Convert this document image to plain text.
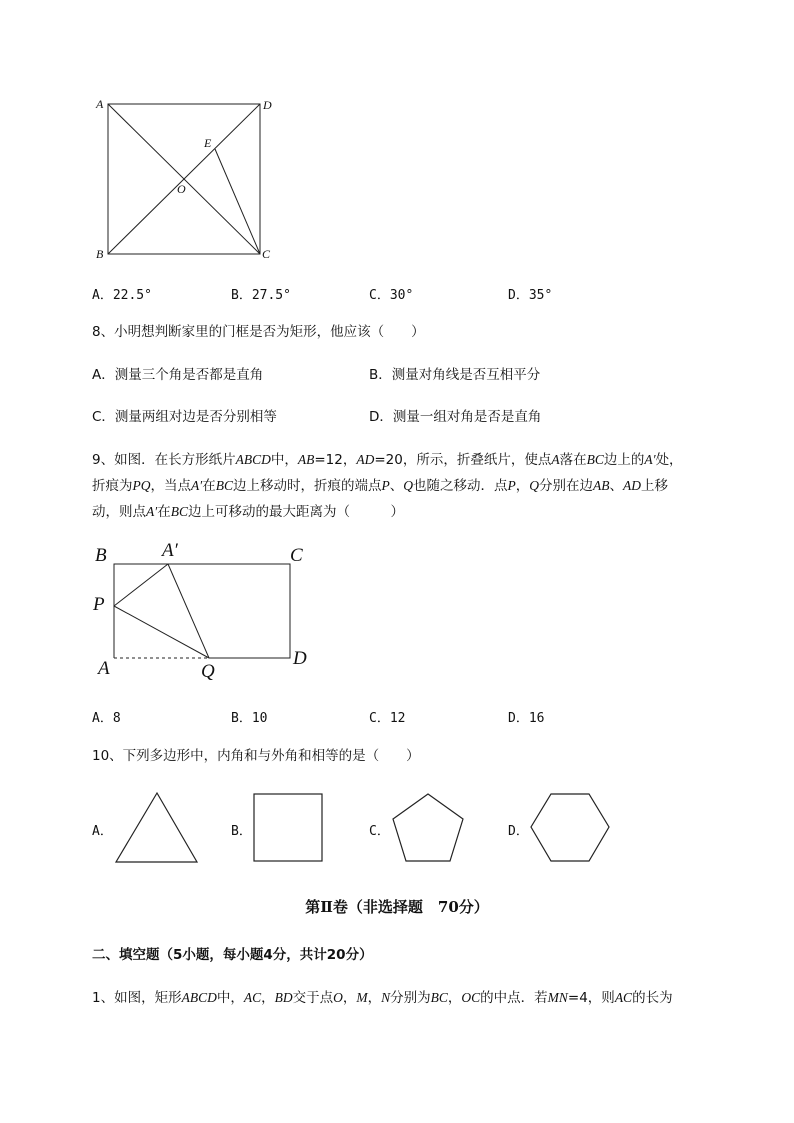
A	D
E
O
B	C
A．22.5°	B．27.5°	C．30°	D．35°
8、小明想判断家里的门框是否为矩形，他应该（　　）
A．测量三个角是否都是直角	B．测量对角线是否互相平分
C．测量两组对边是否分别相等	D．测量一组对角是否是直角
9、如图．在长方形纸片ABCD中，AB=12，AD=20，所示，折叠纸片，使点A落在BC边上的A′处，
折痕为PQ，当点A′在BC边上移动时，折痕的端点P、Q也随之移动．点P，Q分别在边AB、AD上移
动，则点A′在BC边上可移动的最大距离为（　　　）
B	A′	C
P
A	Q
D
A．8	B．10	C．12	D．16
10、下列多边形中，内角和与外角和相等的是（　　）
A．	B．	C．	D．
第Ⅱ卷（非选择题　70分）
二、填空题（5小题，每小题4分，共计20分）
1、如图，矩形ABCD中，AC，BD交于点O，M，N分别为BC，OC的中点．若MN=4，则AC的长为
